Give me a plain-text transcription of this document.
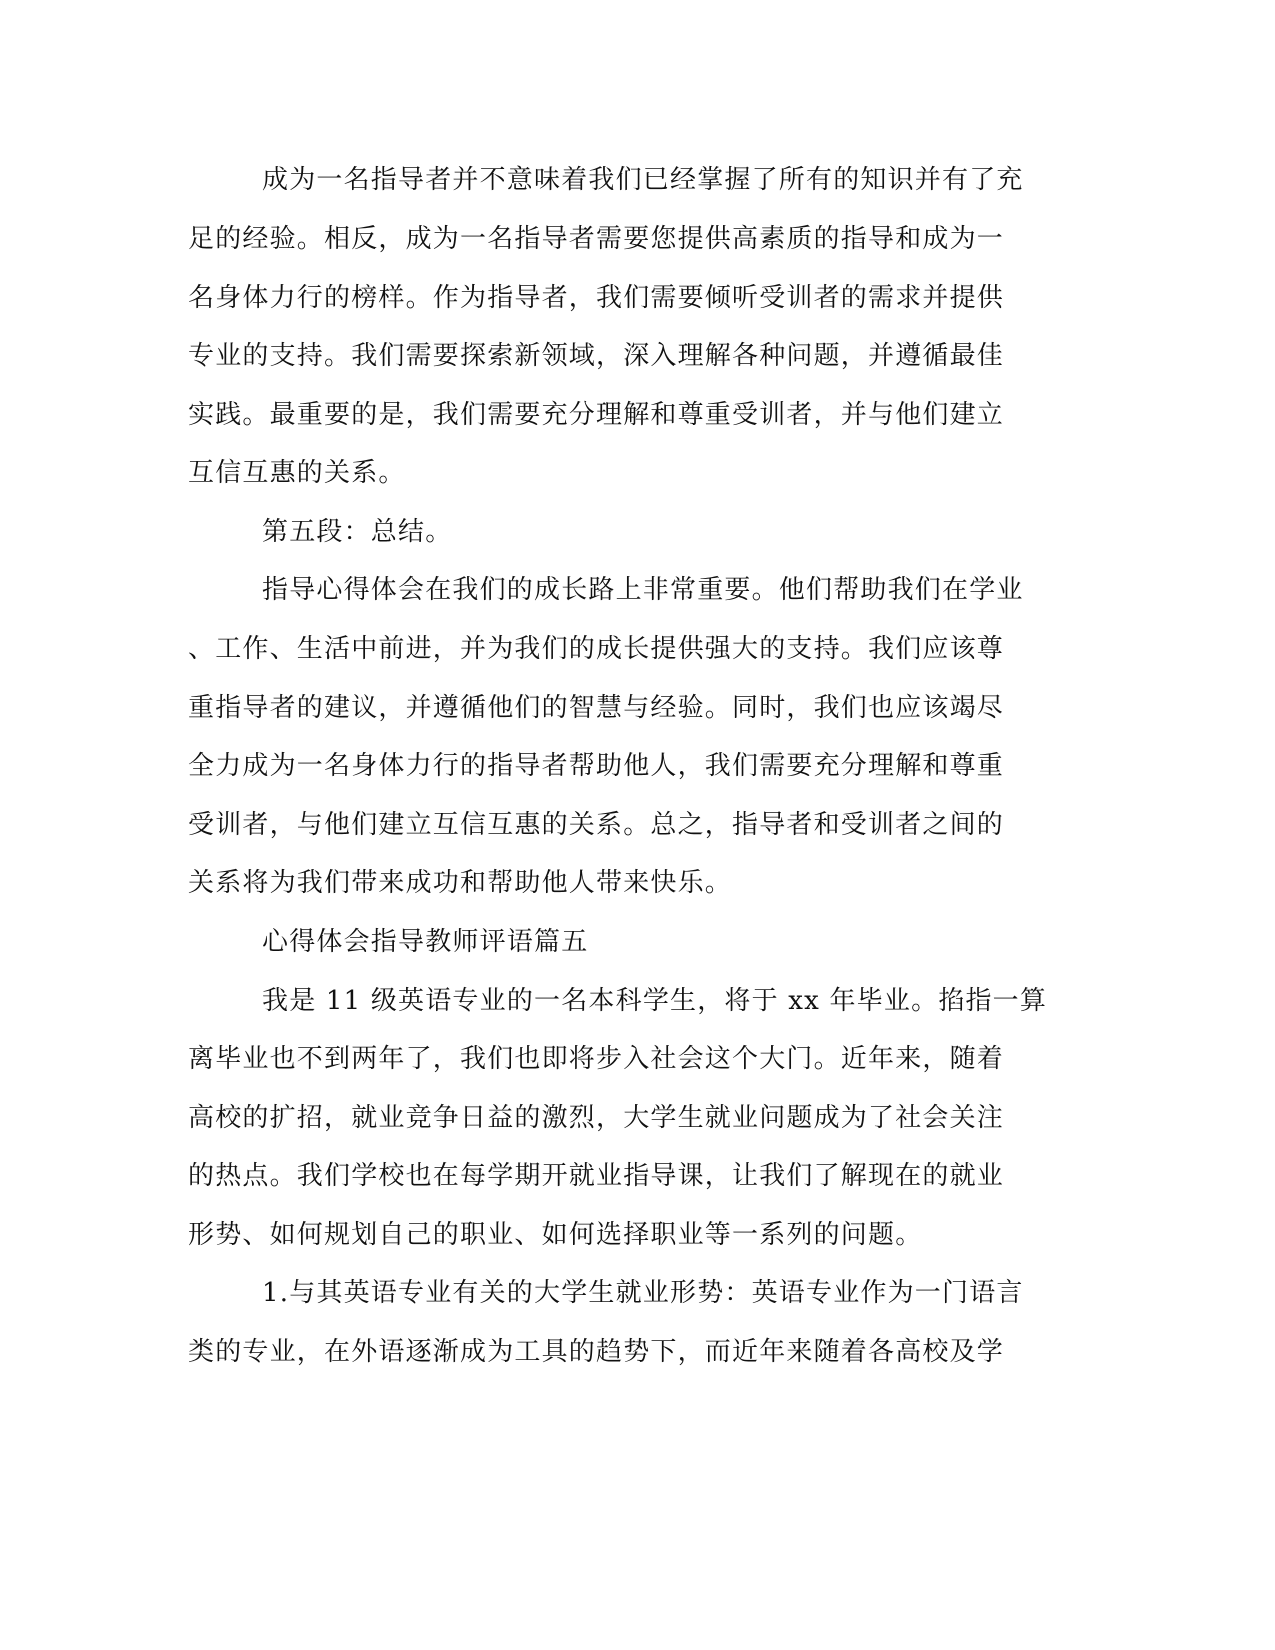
成为一名指导者并不意味着我们已经掌握了所有的知识并有了充

足的经验。相反，成为一名指导者需要您提供高素质的指导和成为一

名身体力行的榜样。作为指导者，我们需要倾听受训者的需求并提供

专业的支持。我们需要探索新领域，深入理解各种问题，并遵循最佳

实践。最重要的是，我们需要充分理解和尊重受训者，并与他们建立

互信互惠的关系。

第五段：总结。

指导心得体会在我们的成长路上非常重要。他们帮助我们在学业

、工作、生活中前进，并为我们的成长提供强大的支持。我们应该尊

重指导者的建议，并遵循他们的智慧与经验。同时，我们也应该竭尽

全力成为一名身体力行的指导者帮助他人，我们需要充分理解和尊重

受训者，与他们建立互信互惠的关系。总之，指导者和受训者之间的

关系将为我们带来成功和帮助他人带来快乐。

心得体会指导教师评语篇五

我是 11 级英语专业的一名本科学生，将于 xx 年毕业。掐指一算

离毕业也不到两年了，我们也即将步入社会这个大门。近年来，随着

高校的扩招，就业竞争日益的激烈，大学生就业问题成为了社会关注

的热点。我们学校也在每学期开就业指导课，让我们了解现在的就业

形势、如何规划自己的职业、如何选择职业等一系列的问题。

1.与其英语专业有关的大学生就业形势：英语专业作为一门语言

类的专业，在外语逐渐成为工具的趋势下，而近年来随着各高校及学
